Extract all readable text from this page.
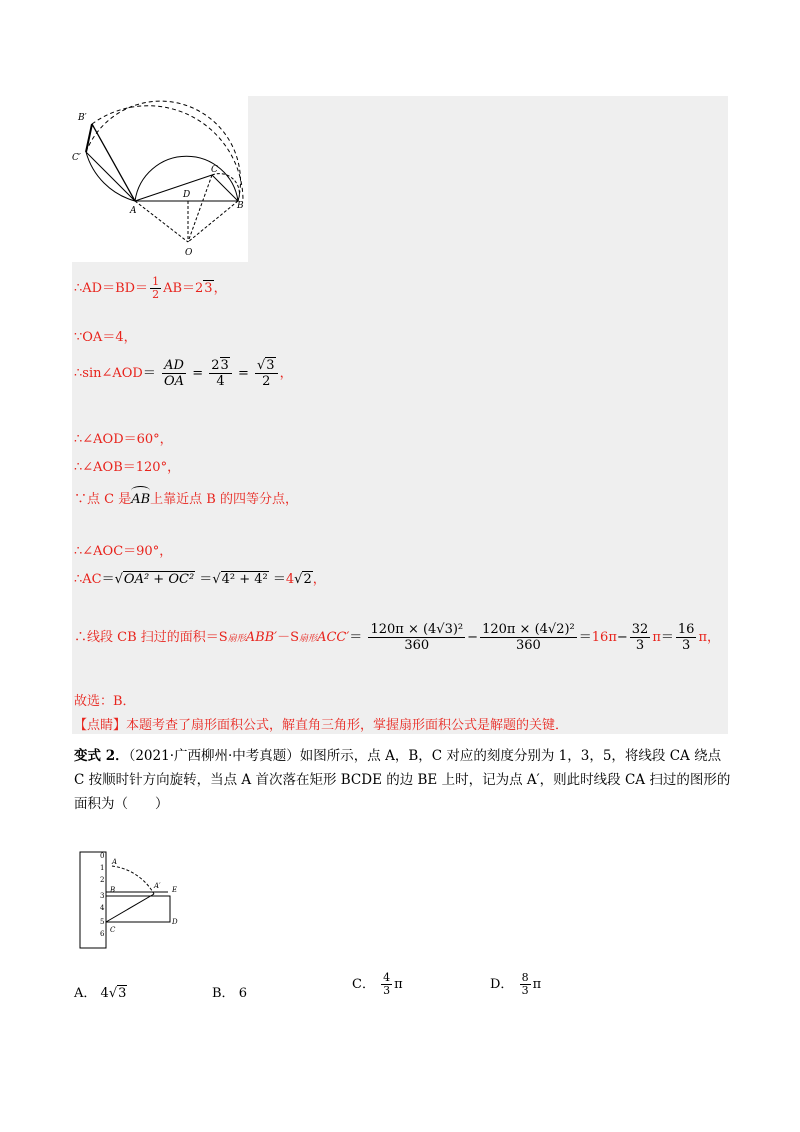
B′
C′
C
D
A	B
O
∴AD＝BD＝ $\frac{1}{2} AB=23$，
∵OA＝4，
∴sin∠AOD＝ $\frac{AD}{OA} = \frac{23}{4} = \frac{√3}{2}$ ，
∴∠AOD＝60°，
∴∠AOB＝120°，
∵点 C 是AB上靠近点 B 的四等分点，
∴∠AOC＝90°，
∴AC＝√OA² + OC² ＝√4² + 4² ＝4√2，
∴线段 CB 扫过的面积＝S扇形ABB′－S扇形$ACC'= \frac{\text{120π × (4√3)²}}{360} - \frac{\text{120π × (4√2)²}}{360} =16\pi- \frac{32}{3} \pi= \frac{16}{3}$ π，
故选：B．
【点睛】本题考查了扇形面积公式，解直角三角形，掌握扇形面积公式是解题的关键．
变式 2．（2021·广西柳州·中考真题）如图所示，点 A，B，C 对应的刻度分别为 1，3，5，将线段 CA 绕点 C 按顺时针方向旋转，当点 A 首次落在矩形 BCDE 的边 BE 上时，记为点 A′，则此时线段 CA 扫过的图形的面积为（　　）
0
1
2
3
4
5
6
A
B	E
A′
C
D
A． 4√3	B． 6
C． $\frac{4}{3}$ π	D． $\frac{8}{3}$ π
